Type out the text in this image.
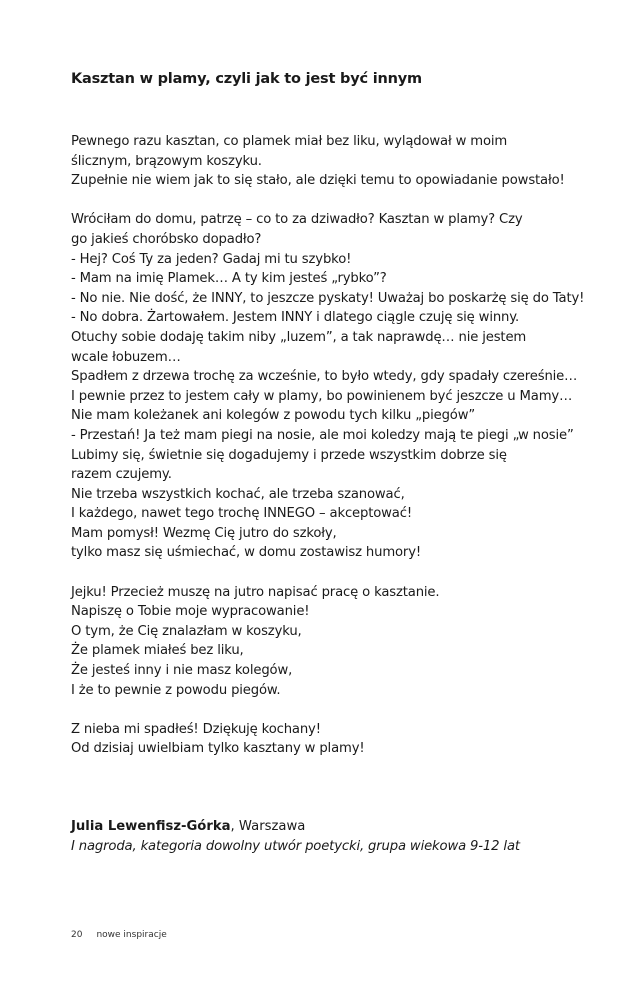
Kasztan w plamy, czyli jak to jest być innym
Pewnego razu kasztan, co plamek miał bez liku, wylądował w moim
ślicznym, brązowym koszyku.
Zupełnie nie wiem jak to się stało, ale dzięki temu to opowiadanie powstało!
Wróciłam do domu, patrzę – co to za dziwadło? Kasztan w plamy? Czy
go jakieś choróbsko dopadło?
- Hej? Coś Ty za jeden? Gadaj mi tu szybko!
- Mam na imię Plamek… A ty kim jesteś „rybko”?
- No nie. Nie dość, że INNY, to jeszcze pyskaty! Uważaj bo poskarżę się do Taty!
- No dobra. Żartowałem. Jestem INNY i dlatego ciągle czuję się winny.
Otuchy sobie dodaję takim niby „luzem”, a tak naprawdę… nie jestem
wcale łobuzem…
Spadłem z drzewa trochę za wcześnie, to było wtedy, gdy spadały czereśnie…
I pewnie przez to jestem cały w plamy, bo powinienem być jeszcze u Mamy…
Nie mam koleżanek ani kolegów z powodu tych kilku „piegów”
- Przestań! Ja też mam piegi na nosie, ale moi koledzy mają te piegi „w nosie”
Lubimy się, świetnie się dogadujemy i przede wszystkim dobrze się
razem czujemy.
Nie trzeba wszystkich kochać, ale trzeba szanować,
I każdego, nawet tego trochę INNEGO – akceptować!
Mam pomysł! Wezmę Cię jutro do szkoły,
tylko masz się uśmiechać, w domu zostawisz humory!
Jejku! Przecież muszę na jutro napisać pracę o kasztanie.
Napiszę o Tobie moje wypracowanie!
O tym, że Cię znalazłam w koszyku,
Że plamek miałeś bez liku,
Że jesteś inny i nie masz kolegów,
I że to pewnie z powodu piegów.
Z nieba mi spadłeś! Dziękuję kochany!
Od dzisiaj uwielbiam tylko kasztany w plamy!
Julia Lewenfisz-Górka, Warszawa
I nagroda, kategoria dowolny utwór poetycki, grupa wiekowa 9-12 lat
20 nowe inspiracje
